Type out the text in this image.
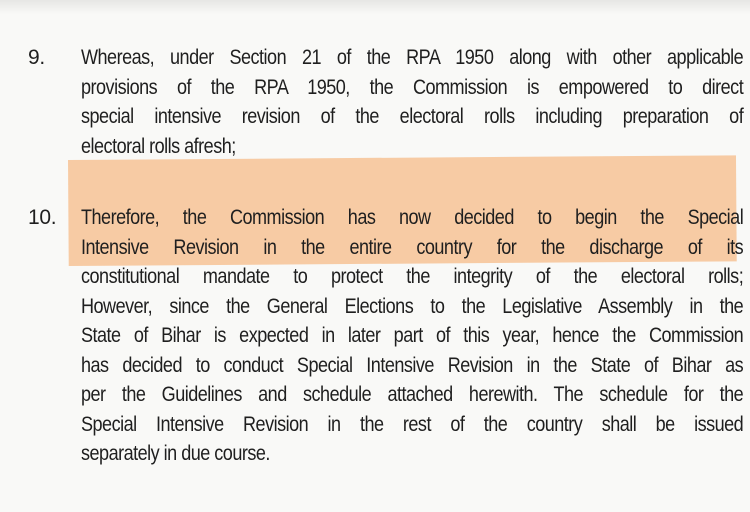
9. Whereas, under Section 21 of the RPA 1950 along with other applicable
provisions of the RPA 1950, the Commission is empowered to direct
special intensive revision of the electoral rolls including preparation of
electoral rolls afresh;
10. Therefore, the Commission has now decided to begin the Special
Intensive Revision in the entire country for the discharge of its
constitutional mandate to protect the integrity of the electoral rolls;
However, since the General Elections to the Legislative Assembly in the
State of Bihar is expected in later part of this year, hence the Commission
has decided to conduct Special Intensive Revision in the State of Bihar as
per the Guidelines and schedule attached herewith. The schedule for the
Special Intensive Revision in the rest of the country shall be issued
separately in due course.
